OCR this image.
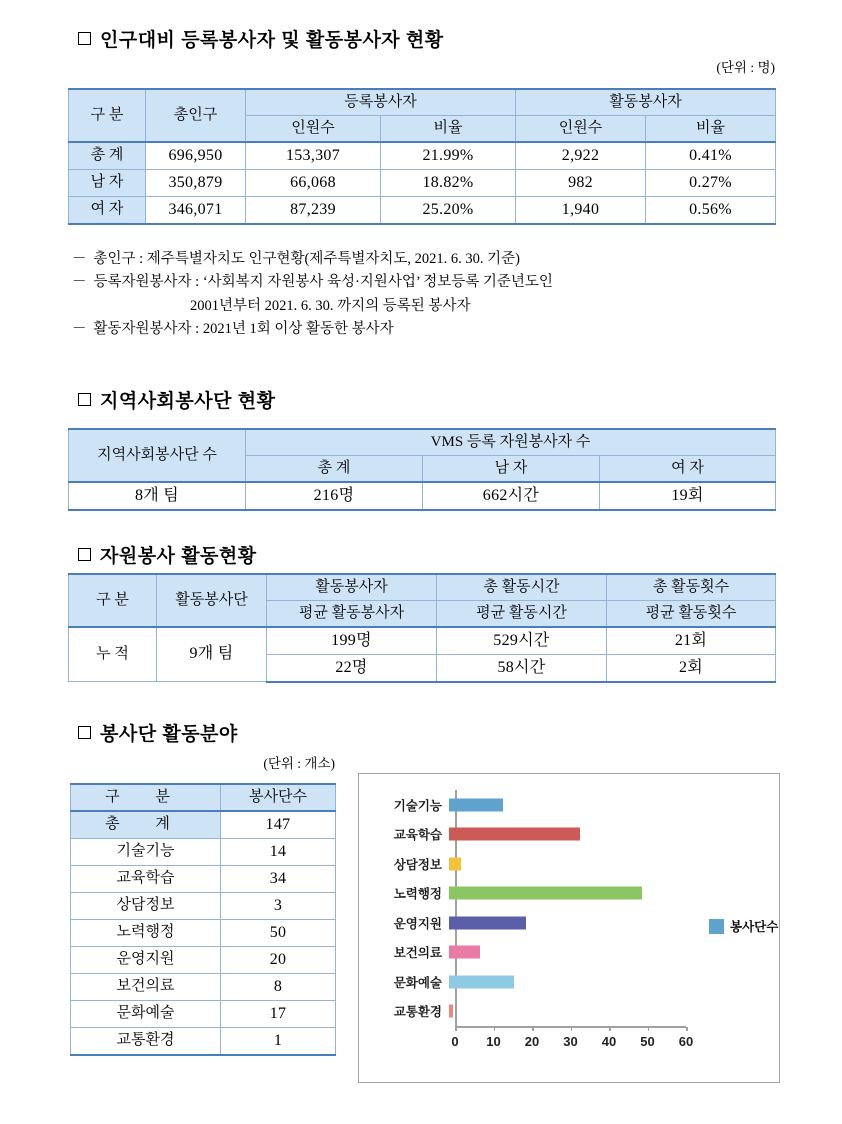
인구대비 등록봉사자 및 활동봉사자 현황
(단위 : 명)
구 분	총인구	등록봉사자		활동봉사자	
		인원수	비율	인원수	비율
총 계	696,950	153,307	21.99%	2,922	0.41%
남 자	350,879	66,068	18.82%	982	0.27%
여 자	346,071	87,239	25.20%	1,940	0.56%
－ 총인구 : 제주특별자치도 인구현황(제주특별자치도, 2021. 6. 30. 기준)
－ 등록자원봉사자 : ‘사회복지 자원봉사 육성·지원사업’ 정보등록 기준년도인
2001년부터 2021. 6. 30. 까지의 등록된 봉사자
－ 활동자원봉사자 : 2021년 1회 이상 활동한 봉사자
지역사회봉사단 현황
지역사회봉사단 수	VMS 등록 자원봉사자 수		
	총 계	남 자	여 자
8개 팀	216명	662시간	19회
자원봉사 활동현황
구 분	활동봉사단	활동봉사자	총 활동시간	총 활동횟수
		평균 활동봉사자	평균 활동시간	평균 활동횟수
누 적	9개 팀	199명	529시간	21회
		22명	58시간	2회
봉사단 활동분야
(단위 : 개소)
구 분	봉사단수
총 계	147
기술기능	14
교육학습	34
상담정보	3
노력행정	50
운영지원	20
보건의료	8
문화예술	17
교통환경	1
기술기능
교육학습
상담정보
노력행정
운영지원
보건의료
문화예술
교통환경
0 10 20 30 40 50 60
봉사단수
